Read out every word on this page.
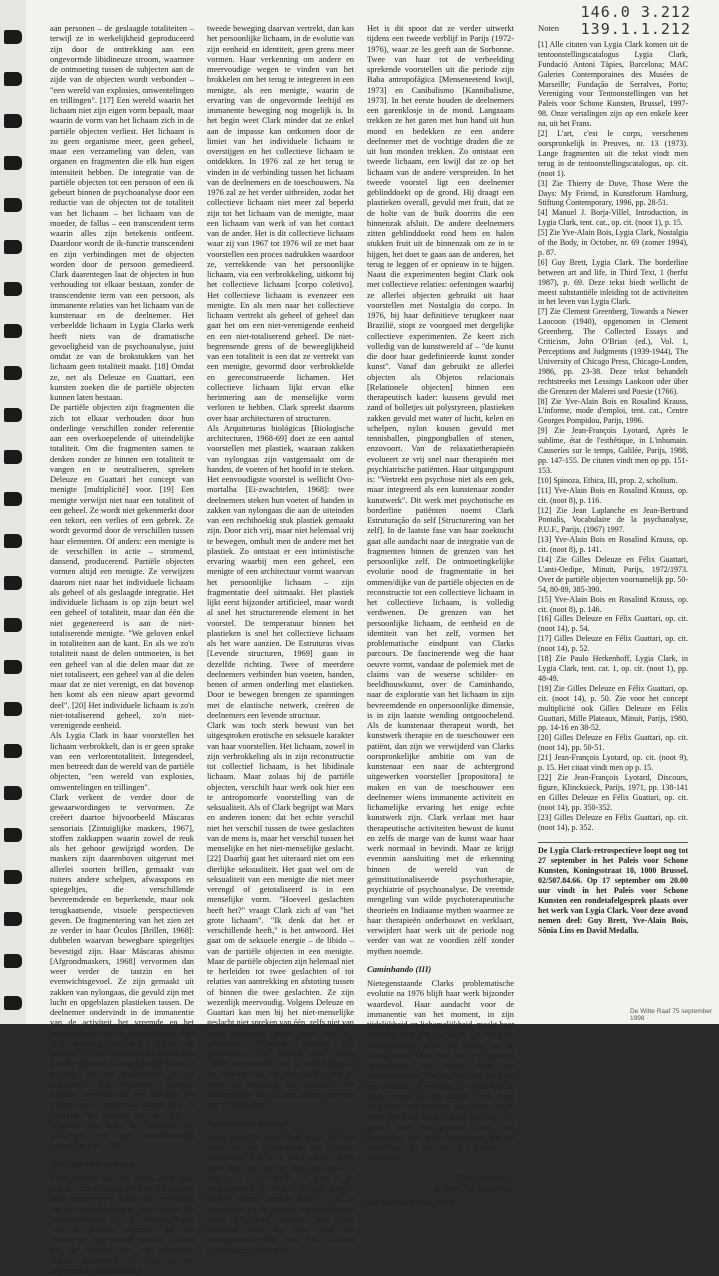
146.0 3.212
139.1.1.212

aan personen – de geslaagde totaliteiten – terwijl ze in werkelijkheid geproduceerd zijn door de onttrekking aan een ongevormde libidineuze stroom, waarmee de ontmoeting tussen de subjecten aan de zijde van de objecten wordt verbonden – "een wereld van explosies, omwentelingen en trillingen". [17] Een wereld waarin het lichaam niet zijn eigen vorm bepaalt, maar waarin de vorm van het lichaam zich in de partiële objecten verliest. Het lichaam is zo geen organisme meer, geen geheel, maar een verzameling van delen, van organen en fragmenten die elk hun eigen intensiteit hebben. De integratie van de partiële objecten tot een persoon of een ik gebeurt binnen de psychoanalyse door een reductie van de objecten tot de totaliteit van het lichaam – het lichaam van de moeder, de fallus – een transcendent term waarin alles zijn betekenis ontleent. Daardoor wordt de ik-functie transcendent en zijn verbindingen met de objecten worden door de persoon gemedieerd. Clark daarentegen laat de objecten in hun verhouding tot elkaar bestaan, zonder de transcendente term van een persoon, als immanente relaties van het lichaam van de kunstenaar en de deelnemer. Het verbeeldde lichaam in Lygia Clarks werk heeft niets van de dramatische gevoeligheid van de psychoanalyse, juist omdat ze van de brokstukken van het lichaam geen totaliteit maakt. [18] Omdat ze, net als Deleuze en Guattari, een kunsten zoeken die de partiële objecten kunnen laten bestaan.

De partiële objecten zijn fragmenten die zich tot elkaar verhouden door hun onderlinge verschillen zonder referentie aan een overkoepelende of uiteindelijke totaliteit. Om die fragmenten samen te denken zonder ze binnen een totaliteit te vangen en te neutraliseren, spreken Deleuze en Guattari het concept van menigte [multiplicité] voor. [19] Een menigte verwijst niet naar een totaliteit of een geheel. Ze wordt niet gekenmerkt door een tekort, een verlies of een gebrek. Ze wordt gevormd door de verschillen tussen haar elementen. Of anders: een menigte is de verschillen in actie – stromend, dansend, producerend. Partiële objecten vormen altijd een menigte. Ze verwijzen daarom niet naar het individuele lichaam als geheel of als geslaagde integratie. Het individuele lichaam is op zijn beurt wel een geheel of totaliteit, maar dan één die niet gegenereerd is aan de niet-totaliserende menigte. "We geloven enkel in totaliteiten aan de kant. En als we zo'n totaliteit naast de delen ontmoeten, is het een geheel van al die delen maar dat ze niet totaliseert, een geheel van al die delen maar dat ze niet verenigt, en dat bovenop hen komt als een nieuw apart gevormd deel". [20] Het individuele lichaam is zo'n niet-totaliserend geheel, zo'n niet-verenigende eenheid.

Als Lygia Clark in haar voorstellen het lichaam verbrokkelt, dan is er geen sprake van een verlorentotaliteit. Integendeel, men betreedt dan de wereld van de partiële objecten, "een wereld van explosies, omwentelingen en trillingen".

Clark verkent de verder door de gewaarwordingen te vervormen. Ze creëert daartoe bijvoorbeeld Máscaras sensoriais [Zintuiglijke maskers, 1967], stoffen zakkappen waarin zowel de reuk als het gehoor gewijzigd worden. De maskers zijn daarenboven uitgerust met allerlei soorten brillen, gemaakt van ruiters andere schelpen, afwasspons en spiegeltjes, die verschillende bevreemdende en beperkende, maar ook terugkaatsende, visuele perspectieven geven. De fragmentering van het zien zet ze verder in haar Óculos [Brillen, 1968]: dubbelen waarvan bewegbare spiegeltjes bevestigd zijn. Haar Máscaras abismo [Afgrondmaskers, 1968] vervormen dan weer verder de tastzin en het evenwichtsgevoel. Ze zijn gemaakt uit zakken van nylongaas, die gevuld zijn met lucht en opgeblazen plastieken tassen. De deelnemer ondervindt in de immanentie van de activiteit het vreemde en het bevreemdende van de ruimtelijkheid. Het is de ervaring van wat het lichaam als menigte, als niet-totaliseerbaar geheel van partiële objecten. En tegelijkertijd is het de ervaring van het ongevormde of het immanente. Het immanente waarvan Lyotard vermoedt dat het welzijns het 'eigene' van de mens zou kunnen zijn, en waarvan "het volstaat om het niet te vergeten om zicht te verzetten en, misschien, om niet onrechtvaardig [injuste] te zijn". [21]

Het collectieve lichaam

Clark begrijpt dat men verder moet gaan dan de verbrokkeling, dat men het lichaam moet reconstrueren, zonder de vernietiging van de verbrokkeling te laten vallen. De verworvenheden zijn de verbrokkelingen van de partiële objecten, die het immanente, ongevormde van het lichaam aan de ervaring van het collectieve lichaam doorgeven. Als Clark na een ongevormde verbrokkeling

tweede beweging daarvan vertrekt, dan kan het persoonlijke lichaam, in de evolutie van zijn eenheid en identiteit, geen grens meer vormen. Haar verkenning om andere en meervoudige wegen te vinden van het brokkelen om het terug te integreren in een menigte, als een menigte, waarin de ervaring van de ongevormde leeftijd en immanente beweging nog mogelijk is. In het begin weet Clark minder dat ze enkel aan de impasse kan ontkomen door de limiet van het individuele lichaam te overstijgen en het collectieve lichaam te ontdekken. In 1976 zal ze het terug te vinden in de verbinding tussen het lichaam van de deelnemers en de toeschouwers. Na 1976 zal ze het verder uitbreiden, zodat het collectieve lichaam niet meer zal beperkt zijn tot het lichaam van de menigte, maar een lichaam van werk of van het contact van de ander. Het is dit collectieve lichaam waar zij van 1967 tot 1976 wil ze met haar voorstellen een proces nadrukken waardoor ze, verrekkende van het persoonlijke lichaam, via een verbrokkeling, uitkomt bij het collectieve lichaam [corpo coletivo]. Het collectieve lichaam is evenzeer een menigte. En als men naar het collectieve lichaam vertrekt als geheel of geheel dan gaat het om een niet-verenigende eenheid en een niet-totaliserend geheel. De niet-begrensende grens of de beweeglijkheid van een totaliteit is een dat ze vertrekt van een menigte, gevormd door verbrokkelde en gereconstrueerde lichamen. Het collectieve lichaam lijkt ervan elke herinnering aan de menselijke vorm verloren te hebben. Clark spreekt daarom over haar architecturen of structuren.

Als Arquiteturas biológicas [Biologische architecturen, 1968-69] doet ze een aantal voorstellen met plastiek, waaraan zakken van nylongaas zijn vastgemaakt om de handen, de voeten of het hoofd in te steken. Het eenvoudigste voorstel is wellicht Ovo-mortalha [Ei-zwachtelen, 1968]: twee deelnemers steken hun voeten of handen in zakken van nylongaas die aan de uiteinden van een rechthoekig stuk plastiek gemaakt zijn. Door zich vrij, maar niet helemaal vrij te bewegen, omhult men de andere met het plastiek. Zo ontstaat er een intimistische ervaring waarbij men een geheel, een menigte of een architectuur vormt waarvan het persoonlijke lichaam – zijn fragmentatie deel uitmaakt. Het plastiek lijkt eerst bijzonder artificieel, maar wordt al snel het structurerende element in het voorstel. De temperatuur binnen het plastieken is snel het collectieve lichaam als het ware aanzien. De Estruturas vivas [Levende structuren, 1969] gaan in dezelfde richting. Twee of meerdere deelnemers verbinden hun voeten, handen, benen of armen onderling met elastieken. Door te bewegen brengen ze spanningen met de elastische netwerk, creëren de deelnemers een levende structuur.

Clark was toch sterk bewust van het uitgesproken erotische en seksuele karakter van haar voorstellen. Het lichaam, zowel in zijn verbrokkeling als in zijn reconstructie tot collectief lichaam, is het libidinale lichaam. Maar zolaas bij de partiële objecten, verschilt haar werk ook hier een te antropomorfe voorstelling van de seksualiteit. Als of Clark begrijpt wat Marx en anderen tonen: dat het echte verschil niet het verschil tussen de twee geslachten van de mens is, maar het verschil tussen het menselijke en het niet-menselijke geslacht. [22] Daarbij gaat het uiteraard niet om een dierlijke seksualiteit. Het gaat wel om de seksualiteit van een menigte die niet meer verengd of getotaliseerd is in een menselijke vorm. "Hoeveel geslachten heeft het?" vraagt Clark zich af van "het grote lichaam". "Ik denk dat het er verschillende heeft," is het antwoord. Het gaat om de seksuele energie – de libido – van de partiële objecten in een menigte. Maar de partiële objecten zijn helemaal niet te herleiden tot twee geslachten of tot relaties van aantrekking en afstoting tussen of binnen die twee geslachten. Ze zijn wezenlijk meervoudig. Volgens Deleuze en Guattari kan men bij het niet-menselijke geslacht niet spreken van één, zelfs niet van twee geslachten, maar enkel van n... geslachten. "Vandaar" iedereen zijn geslachten". [23] Telkens weer leiden Clarks experimenten tot de ontdekking en de ervaring van het onmenselijke dat de mens zo menselijk zou maken – het onmenselijke dat we niet mogen vergeten om te herinneren.

Fantasmática do corpo

Begin jaren '70 komt Clark enige tijd niet meer tot het formuleren van nieuwe voorstellen. Wat er in 1960 schrijft, geldt meer dan ooit: "Ik ben moe. Het leven is lang ... [...] De liefde, ze gaat in de werkwoorden. Ik denk/ik denk/ik denk/ik denk/je willen / denk/je denk/je ... ik en geschreven uit de periode van Pensamento mudo [Zwijgend denken] gaat haar aandacht meer en meer naar het zintuigoverschrijden van het lichaam [fantasmática do corpo].

Het is dit spoor dat ze verder uitwerkt tijdens een tweede verblijf in Parijs (1972-1976), waar ze les geeft aan de Sorbonne. Twee van haar tot de verbeelding sprekende voorstellen uit die periode zijn Baba antropofágica [Menseneetend kwijl, 1973] en Canibalismo [Kannibalisme, 1973]. In het eerste houden de deelnemers een garenklosje in de mond. Langzaam trekken ze het garen met hun hand uit hun mond en bedekken ze een andere deelnemer met de vochtige draden die ze uit hun monden trekken. Zo ontstaat een tweede lichaam, een kwijl dat ze op het lichaam van de andere verspreiden. In het tweede voorstel ligt een deelnemer geblinddoekt op de grond. Hij draagt een plastieken overall, gevuld met fruit, dat ze de holte van de buik doorrits die een binnenzak afsluit. De andere deelnemers zitten geblinddoekt rond hem en halen stukken fruit uit de binnenzak om ze in te hijgen, het doet te gaan aan de anderen, het terug te leggen of er opnieuw in te hijgen. Naast die experimenten begint Clark ook met collectieve relaties: oefeningen waarbij ze allerlei objecten gebruikt uit haar voorstellen met Nostalgia do corpo. In 1976, bij haar definitieve terugkeer naar Brazilië, stopt ze voorgoed met dergelijke collectieve experimenten. Ze keert zich volledig van de kunstwereld af – "de kunst die door haar gedefinieerde kunst zonder kunst". Vanaf dan gebruikt ze allerlei objecten als Objetos relacionais [Relationele objecten] binnen een therapeutisch kader: kussens gevuld met zand of bolletjes uit polystyreen, plastieken zakken gevuld met water of lucht, kelen en schelpen, nylon kousen gevuld met tennisballen, pingpongballen of stenen, enzovoort. Van de relaxatietherapieën evolueert ze vrij snel naar therapieën met psychiatrische patiënten. Haar uitgangspunt is: "Vertrekt een psychose niet als een gek, maar integreerd als een kunstenaar zonder kunstwerk". Dit werk met psychotische en borderline patiënten noemt Clark Estruturação do self [Structurering van het zelf]. In de laatste fase van haar zoektocht gaat alle aandacht naar de integratie van de fragmenten binnen de grenzen van het persoonlijke zelf. De ontmoetingkelijke evolutie nood de fragmentatie in het ommen/dijke van de partiële objecten en de reconstructie tot een collectieve lichaam in het collectieve lichaam, is volledig verdwenen. De grenzen van het persoonlijke lichaam, de eenheid en de identiteit van het zelf, vormen het problematische eindpunt van Clarks parcours. De fascinerende weg die haar oeuvre vormt, vandaar de polemiek met de claims van de weserse schilder- en beeldhouwkunst, over de Caminhando, naar de exploratie van het lichaam in zijn bevreemdende en onpersoonlijke dimensie, is in zijn laatste wending ontgoochelend. Als de kunstenaar therapeut wordt, het kunstwerk therapie en de toeschouwer een patiënt, dan zijn we verwijderd van Clarks oorspronkelijke ambitie om van de kunstenaar een naar de achtergrond uitgewerken voorsteller [propositora] te maken en van de toeschouwer een deelnemer wiens immanente activiteit en lichamelijke ervaring het enige echte kunstwerk zijn. Clark verlaat met haar therapeutische activiteiten bewust de kunst en zelfs de marge van de kunst waar haar werk normaal in bevindt. Maar ze krijgt evenmin aansluiting met de erkenning binnen de wereld van de geinstitutionaliseerde psychotherapie, psychiatrie of psychoanalyse. De vreemde mengeling van wilde psychoterapeutische theorieën en Indiaanse mythen waarmee ze haar therapieën onderbouwt en verklaart, verwijdert haar werk uit de periode nog verder van wat ze voordien zélf zonder mythen noemde.

Caminhando (III)

Nietegenstaande Clarks problematische evolutie na 1976 blijft haar werk bijzonder waardevol. Haar aandacht voor de immanentie van het moment, in zijn tijdelijkheid en lichamelijkheid, maakt haar gevoelig voor het vluchtige. Dit komt op exemplarische wijze tot uiting in de Caminhando. Deze doet ons een fragment oppeschorte tijd vatten. Alsof de onneersmoedare vluchtigheid van een gest, een schikking of een toon, de totaliteit in de kiem smoort. En dat, schrijft Clark, moet men "niet veel vergeefs waarnemen om te leren leven op basis van het precaire. Hij gevoel voor het precaire moet men absorberen om in de immanentie van de handeling de zin van het bestaan te ontdekken".

Hilde Van Gelder
& Pieter Van Reybrouck
Met dank aan Herman Parret
Noten

[1] Alle citaten van Lygia Clark komen uit de tentoonstellingscatalogus Lygia Clark, Fundació Antoni Tàpies, Barcelona; MAC Galeries Contemporaines des Musées de Marseille; Fundação de Serralves, Porto; Vereniging voor Tentoonstellingen van het Paleis voor Schone Kunsten, Brussel, 1997-98. Onze vertalingen zijn op een enkele keer na, uit het Frans.

[2] L'art, c'est le corps, verschenen oorspronkelijk in Preuves, nr. 13 (1973). Lange fragmenten uit die tekst vindt men terug in de tentoonstellingscatalogus, op. cit. (noot 1).

[3] Zie Thierry de Duve, Those Were the Days: My Friend, in Kunstforum Hamburg, Stiftung Contemporary, 1996, pp. 28-51.

[4] Manuel J. Borja-Villel, Introduction, in Lygia Clark, tent. cat., op. cit. (noot 1), p. 15.

[5] Zie Yve-Alain Bois, Lygia Clark, Nostalgia of the Body, in October, nr. 69 (zomer 1994), p. 87.

[6] Guy Brett, Lygia Clark. The borderline between art and life, in Third Text, 1 (herfst 1987), p. 69. Deze tekst biedt wellicht de meest substantiële inleiding tot de activiteiten in het leven van Lygia Clark.

[7] Zie Clement Greenberg, Towards a Newer Laocoon (1940), opgenomen in Clement Greenberg. The Collected Essays and Criticism, John O'Brian (ed.), Vol. 1, Perceptions and Judgments (1939-1944), The University of Chicago Press, Chicago-Londen, 1986, pp. 23-38. Deze tekst behandelt rechtstreeks met Lessings Laokoon oder über die Grenzen der Malerei und Poesie (1766).

[8] Zie Yve-Alain Bois en Rosalind Krauss, L'informe, mode d'emploi, tent. cat., Centre Georges Pompidou, Parijs, 1996.

[9] Zie Jean-François Lyotard, Après le sublime, état de l'esthétique, in L'inhumain. Causeries sur le temps, Galilée, Parijs, 1988, pp. 147-155. De citaten vindt men op pp. 151-153.

[10] Spinoza, Ethica, III, prop. 2, scholium.

[11] Yve-Alain Bois en Rosalind Krauss, op. cit. (noot 8), p. 116.

[12] Zie Jean Laplanche en Jean-Bertrand Pontalis, Vocabulaire de la psychanalyse, P.U.F., Parijs, (1967) 1997.

[13] Yve-Alain Bois en Rosalind Krauss, op. cit. (noot 8), p. 141.

[14] Zie Gilles Deleuze en Félix Guattari, L'anti-Oedipe, Minuit, Parijs, 1972/1973. Over de partiële objecten voornamelijk pp. 50-54, 80-89, 385-390.

[15] Yve-Alain Bois en Rosalind Krauss, op. cit. (noot 8), p. 146.

[16] Gilles Deleuze en Félix Guattari, op. cit. (noot 14), p. 54.

[17] Gilles Deleuze en Félix Guattari, op. cit. (noot 14), p. 52.

[18] Zie Paulo Herkenhoff, Lygia Clark, in Lygia Clark, tent. cat. 1, op. cit. (noot 1), pp. 48-49.

[19] Zie Gilles Deleuze en Félix Guattari, op. cit. (noot 14), p. 50. Zie voor het concept multiplicité ook Gilles Deleuze en Félix Guattari, Mille Plateaux, Minuit, Parijs, 1980, pp. 14-16 en 38-52.

[20] Gilles Deleuze en Félix Guattari, op. cit. (noot 14), pp. 50-51.

[21] Jean-François Lyotard, op. cit. (noot 9), p. 15. Het citaat vindt men op p. 15.

[22] Zie Jean-François Lyotard, Discours, figure, Klincksieck, Parijs, 1971, pp. 138-141 en Gilles Deleuze en Félix Guattari, op. cit. (noot 14), pp. 350-352.

[23] Gilles Deleuze en Félix Guattari, op. cit. (noot 14), p. 352.

De Lygia Clark-retrospectieve loopt nog tot 27 september in het Paleis voor Schone Kunsten, Koningsstraat 10, 1000 Brussel, 02/507.84.66. Op 17 september om 20.00 uur vindt in het Paleis voor Schone Kunsten een rondetafelgesprek plaats over het werk van Lygia Clark. Voor deze avond nemen deel: Guy Brett, Yve-Alain Bois, Sônia Lins en David Medalla.
De Witte Raaf 75 september 1998
